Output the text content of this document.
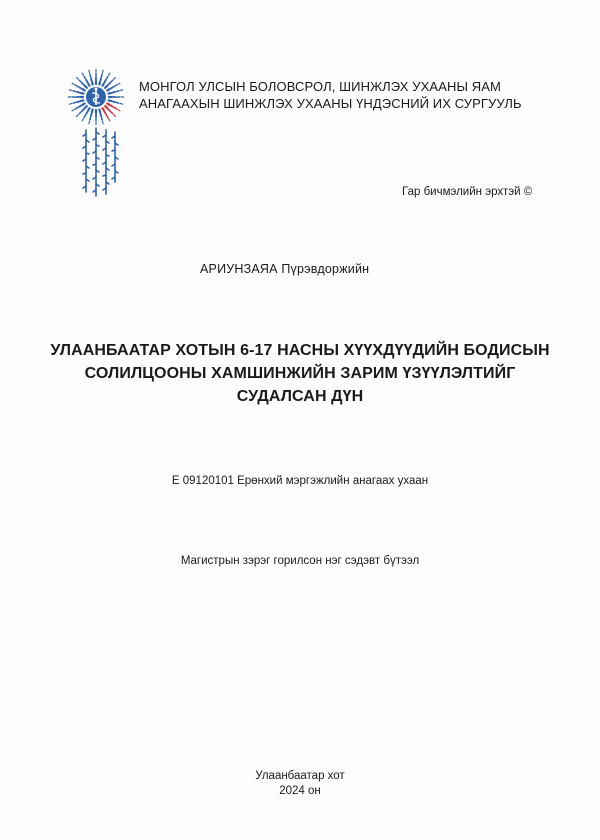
МОНГОЛ УЛСЫН БОЛОВСРОЛ, ШИНЖЛЭХ УХААНЫ ЯАМ
АНАГААХЫН ШИНЖЛЭХ УХААНЫ ҮНДЭСНИЙ ИХ СУРГУУЛЬ
Гар бичмэлийн эрхтэй ©
АРИУНЗАЯА Пүрэвдоржийн
УЛААНБААТАР ХОТЫН 6-17 НАСНЫ ХҮҮХДҮҮДИЙН БОДИСЫН
СОЛИЛЦООНЫ ХАМШИНЖИЙН ЗАРИМ ҮЗҮҮЛЭЛТИЙГ
СУДАЛСАН ДҮН
Е 09120101 Ерөнхий мэргэжлийн анагаах ухаан
Магистрын зэрэг горилсон нэг сэдэвт бүтээл
Улаанбаатар хот
2024 он
